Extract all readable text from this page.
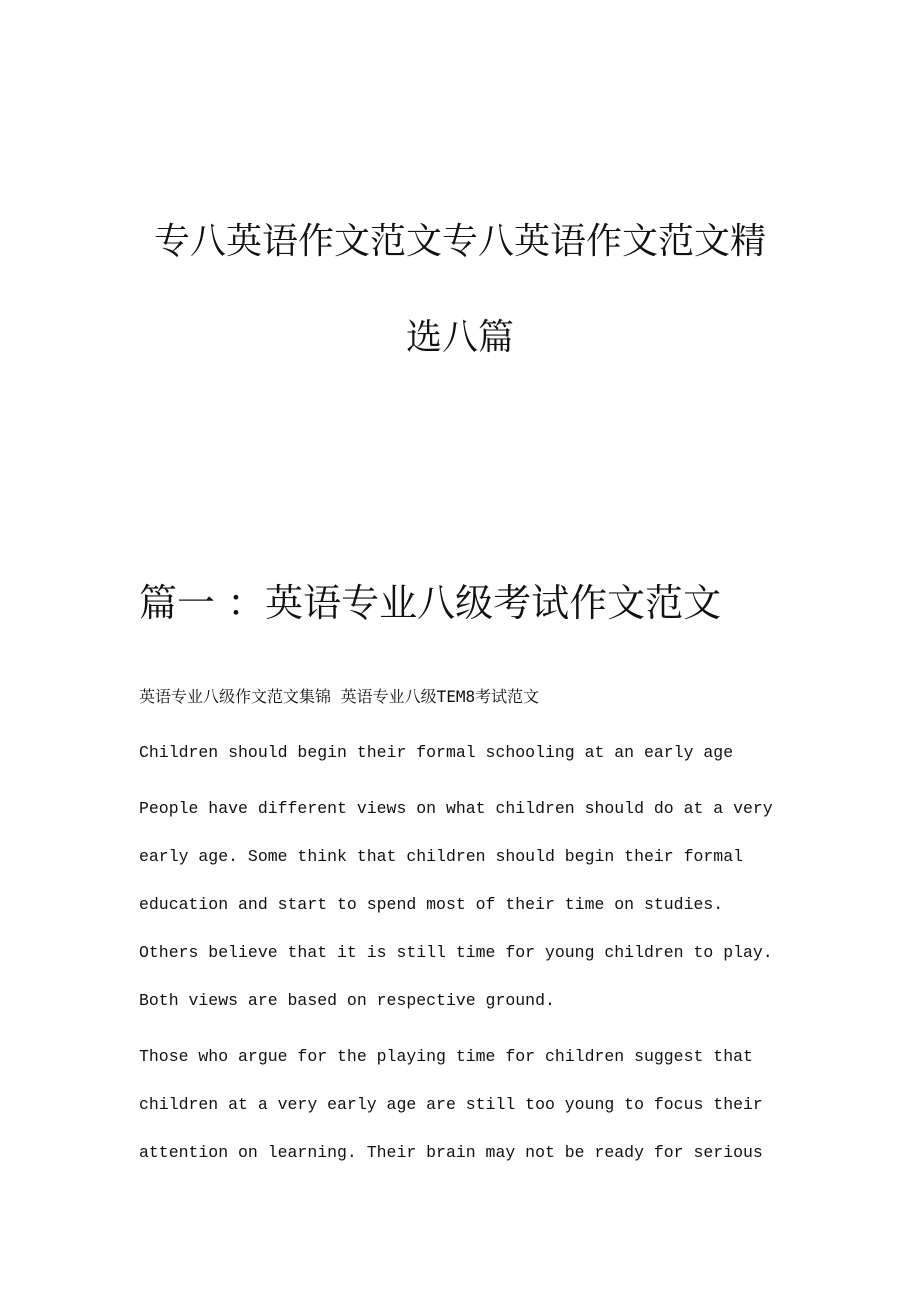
专八英语作文范文专八英语作文范文精
选八篇
篇一 ：英语专业八级考试作文范文
英语专业八级作文范文集锦 英语专业八级TEM8考试范文

Children should begin their formal schooling at an early age

People have different views on what children should do at a very early age. Some think that children should begin their formal education and start to spend most of their time on studies. Others believe that it is still time for young children to play. Both views are based on respective ground.

Those who argue for the playing time for children suggest that children at a very early age are still too young to focus their attention on learning. Their brain may not be ready for serious
